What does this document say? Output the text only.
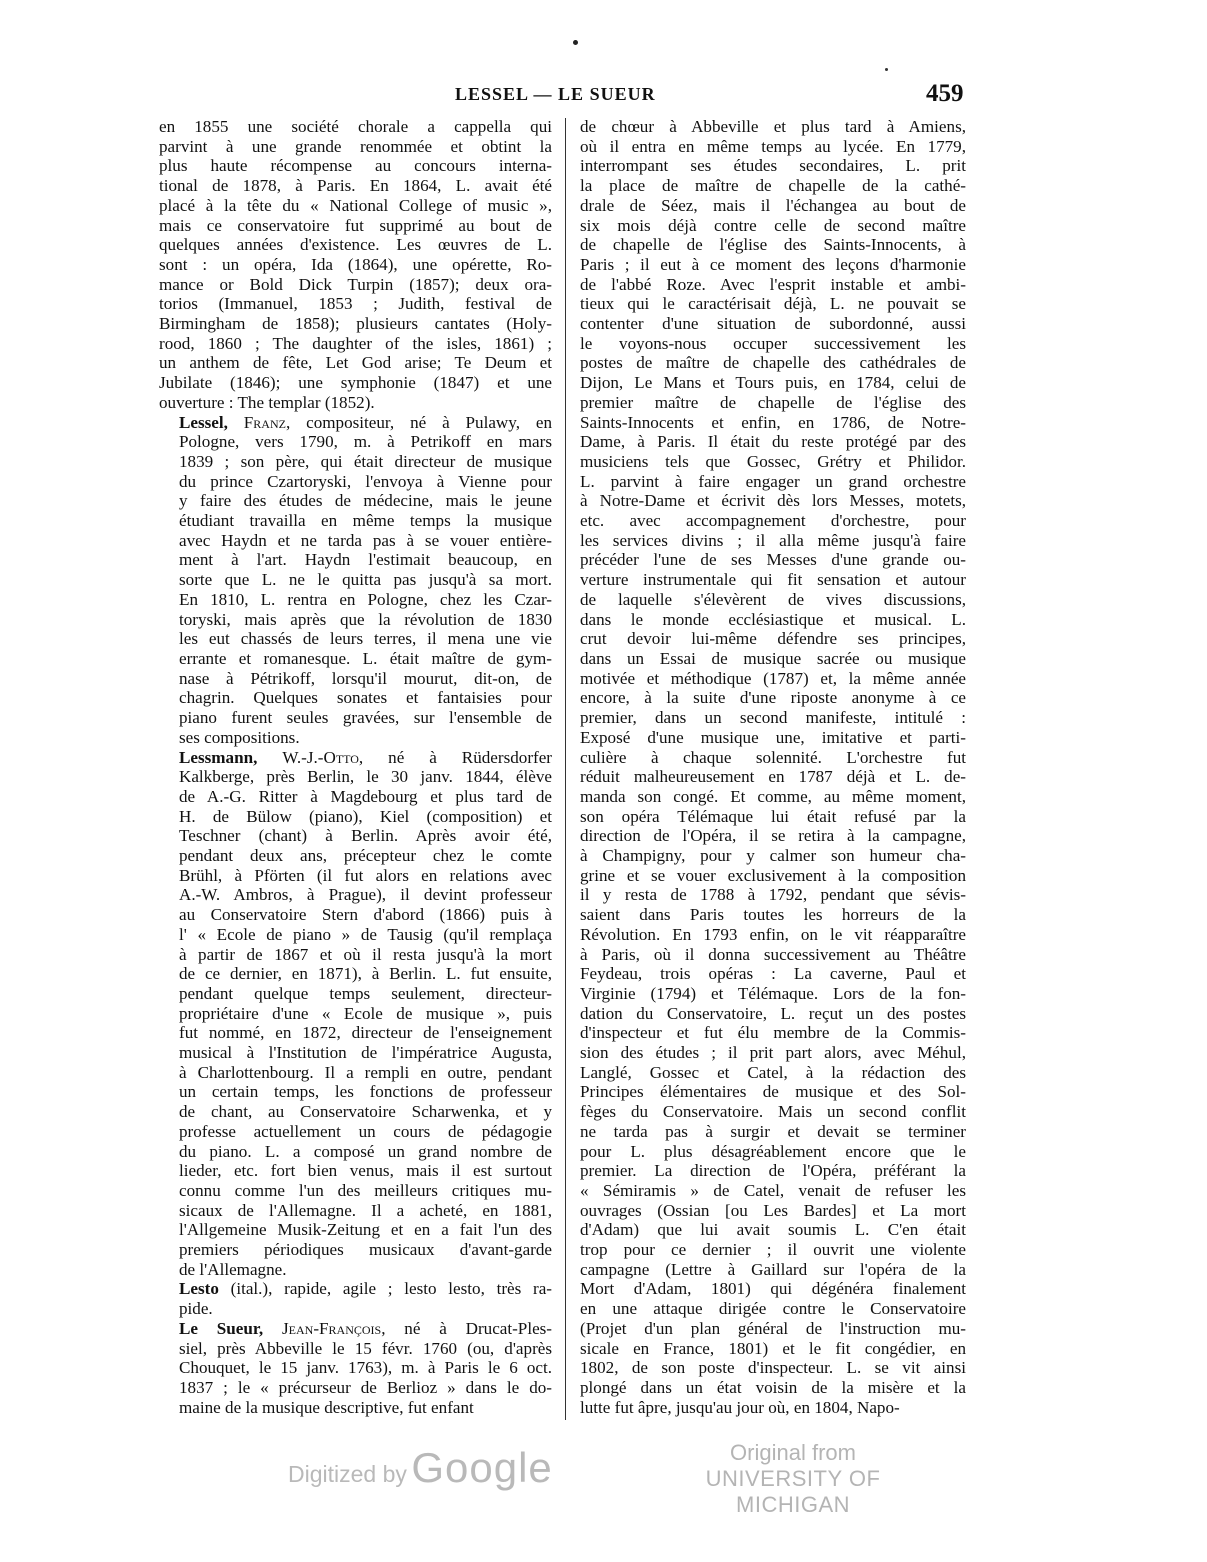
LESSEL — LE SUEUR	459

en 1855 une société chorale a cappella qui
parvint à une grande renommée et obtint la
plus haute récompense au concours interna-
tional de 1878, à Paris. En 1864, L. avait été
placé à la tête du « National College of music »,
mais ce conservatoire fut supprimé au bout de
quelques années d'existence. Les œuvres de L.
sont : un opéra, Ida (1864), une opérette, Ro-
mance or Bold Dick Turpin (1857); deux ora-
torios (Immanuel, 1853 ; Judith, festival de
Birmingham de 1858); plusieurs cantates (Holy-
rood, 1860 ; The daughter of the isles, 1861) ;
un anthem de fête, Let God arise; Te Deum et
Jubilate (1846); une symphonie (1847) et une
ouverture : The templar (1852).

Lessel, Franz, compositeur, né à Pulawy, en
Pologne, vers 1790, m. à Petrikoff en mars
1839 ; son père, qui était directeur de musique
du prince Czartoryski, l'envoya à Vienne pour
y faire des études de médecine, mais le jeune
étudiant travailla en même temps la musique
avec Haydn et ne tarda pas à se vouer entière-
ment à l'art. Haydn l'estimait beaucoup, en
sorte que L. ne le quitta pas jusqu'à sa mort.
En 1810, L. rentra en Pologne, chez les Czar-
toryski, mais après que la révolution de 1830
les eut chassés de leurs terres, il mena une vie
errante et romanesque. L. était maître de gym-
nase à Pétrikoff, lorsqu'il mourut, dit-on, de
chagrin. Quelques sonates et fantaisies pour
piano furent seules gravées, sur l'ensemble de
ses compositions.

Lessmann, W.-J.-Otto, né à Rüdersdorfer
Kalkberge, près Berlin, le 30 janv. 1844, élève
de A.-G. Ritter à Magdebourg et plus tard de
H. de Bülow (piano), Kiel (composition) et
Teschner (chant) à Berlin. Après avoir été,
pendant deux ans, précepteur chez le comte
Brühl, à Pförten (il fut alors en relations avec
A.-W. Ambros, à Prague), il devint professeur
au Conservatoire Stern d'abord (1866) puis à
l' « Ecole de piano » de Tausig (qu'il remplaça
à partir de 1867 et où il resta jusqu'à la mort
de ce dernier, en 1871), à Berlin. L. fut ensuite,
pendant quelque temps seulement, directeur-
propriétaire d'une « Ecole de musique », puis
fut nommé, en 1872, directeur de l'enseignement
musical à l'Institution de l'impératrice Augusta,
à Charlottenbourg. Il a rempli en outre, pendant
un certain temps, les fonctions de professeur
de chant, au Conservatoire Scharwenka, et y
professe actuellement un cours de pédagogie
du piano. L. a composé un grand nombre de
lieder, etc. fort bien venus, mais il est surtout
connu comme l'un des meilleurs critiques mu-
sicaux de l'Allemagne. Il a acheté, en 1881,
l'Allgemeine Musik-Zeitung et en a fait l'un des
premiers périodiques musicaux d'avant-garde
de l'Allemagne.

Lesto (ital.), rapide, agile ; lesto lesto, très ra-
pide.

Le Sueur, Jean-François, né à Drucat-Ples-
siel, près Abbeville le 15 févr. 1760 (ou, d'après
Chouquet, le 15 janv. 1763), m. à Paris le 6 oct.
1837 ; le « précurseur de Berlioz » dans le do-
maine de la musique descriptive, fut enfant

de chœur à Abbeville et plus tard à Amiens,
où il entra en même temps au lycée. En 1779,
interrompant ses études secondaires, L. prit
la place de maître de chapelle de la cathé-
drale de Séez, mais il l'échangea au bout de
six mois déjà contre celle de second maître
de chapelle de l'église des Saints-Innocents, à
Paris ; il eut à ce moment des leçons d'harmonie
de l'abbé Roze. Avec l'esprit instable et ambi-
tieux qui le caractérisait déjà, L. ne pouvait se
contenter d'une situation de subordonné, aussi
le voyons-nous occuper successivement les
postes de maître de chapelle des cathédrales de
Dijon, Le Mans et Tours puis, en 1784, celui de
premier maître de chapelle de l'église des
Saints-Innocents et enfin, en 1786, de Notre-
Dame, à Paris. Il était du reste protégé par des
musiciens tels que Gossec, Grétry et Philidor.
L. parvint à faire engager un grand orchestre
à Notre-Dame et écrivit dès lors Messes, motets,
etc. avec accompagnement d'orchestre, pour
les services divins ; il alla même jusqu'à faire
précéder l'une de ses Messes d'une grande ou-
verture instrumentale qui fit sensation et autour
de laquelle s'élevèrent de vives discussions,
dans le monde ecclésiastique et musical. L.
crut devoir lui-même défendre ses principes,
dans un Essai de musique sacrée ou musique
motivée et méthodique (1787) et, la même année
encore, à la suite d'une riposte anonyme à ce
premier, dans un second manifeste, intitulé :
Exposé d'une musique une, imitative et parti-
culière à chaque solennité. L'orchestre fut
réduit malheureusement en 1787 déjà et L. de-
manda son congé. Et comme, au même moment,
son opéra Télémaque lui était refusé par la
direction de l'Opéra, il se retira à la campagne,
à Champigny, pour y calmer son humeur cha-
grine et se vouer exclusivement à la composition
il y resta de 1788 à 1792, pendant que sévis-
saient dans Paris toutes les horreurs de la
Révolution. En 1793 enfin, on le vit réapparaître
à Paris, où il donna successivement au Théâtre
Feydeau, trois opéras : La caverne, Paul et
Virginie (1794) et Télémaque. Lors de la fon-
dation du Conservatoire, L. reçut un des postes
d'inspecteur et fut élu membre de la Commis-
sion des études ; il prit part alors, avec Méhul,
Langlé, Gossec et Catel, à la rédaction des
Principes élémentaires de musique et des Sol-
fèges du Conservatoire. Mais un second conflit
ne tarda pas à surgir et devait se terminer
pour L. plus désagréablement encore que le
premier. La direction de l'Opéra, préférant la
« Sémiramis » de Catel, venait de refuser les
ouvrages (Ossian [ou Les Bardes] et La mort
d'Adam) que lui avait soumis L. C'en était
trop pour ce dernier ; il ouvrit une violente
campagne (Lettre à Gaillard sur l'opéra de la
Mort d'Adam, 1801) qui dégénéra finalement
en une attaque dirigée contre le Conservatoire
(Projet d'un plan général de l'instruction mu-
sicale en France, 1801) et le fit congédier, en
1802, de son poste d'inspecteur. L. se vit ainsi
plongé dans un état voisin de la misère et la
lutte fut âpre, jusqu'au jour où, en 1804, Napo-

Digitized by Google	Original from
UNIVERSITY OF MICHIGAN
